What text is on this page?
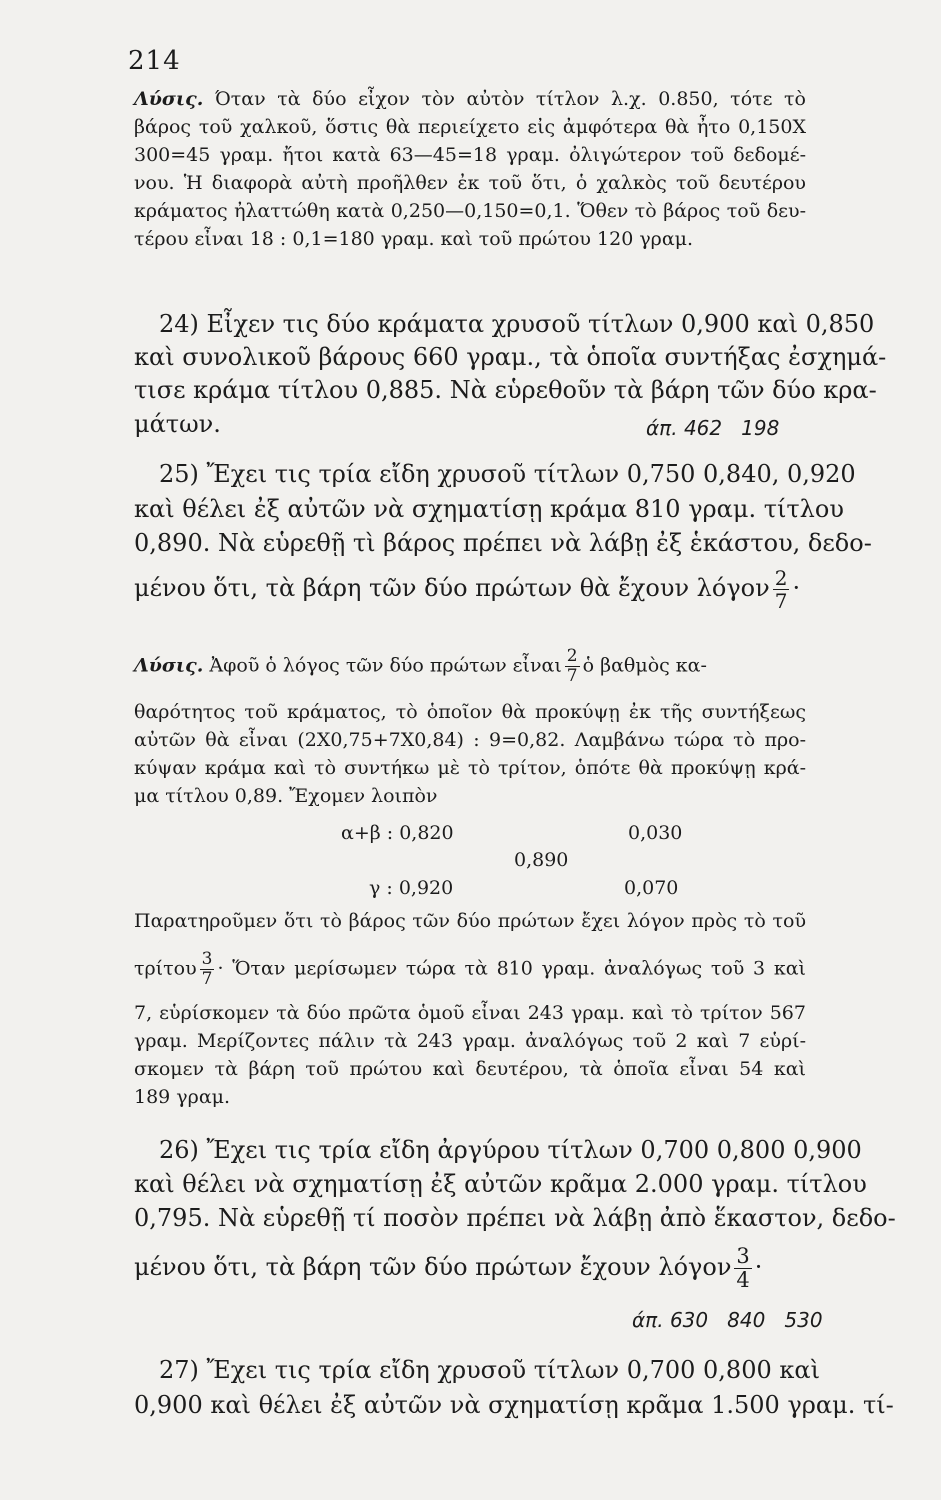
214
Λύσις. Όταν τὰ δύο εἶχον τὸν αὐτὸν τίτλον λ.χ. 0.850, τότε τὸ
βάρος τοῦ χαλκοῦ, ὅστις θὰ περιείχετο εἰς ἀμφότερα θὰ ἦτο 0,150X
300=45 γραμ. ἤτοι κατὰ 63—45=18 γραμ. ὀλιγώτερον τοῦ δεδομέ-
νου. Ἡ διαφορὰ αὐτὴ προῆλθεν ἐκ τοῦ ὅτι, ὁ χαλκὸς τοῦ δευτέρου
κράματος ἠλαττώθη κατὰ 0,250—0,150=0,1. Ὅθεν τὸ βάρος τοῦ δευ-
τέρου εἶναι 18 : 0,1=180 γραμ. καὶ τοῦ πρώτου 120 γραμ.
24) Εἶχεν τις δύο κράματα χρυσοῦ τίτλων 0,900 καὶ 0,850
καὶ συνολικοῦ βάρους 660 γραμ., τὰ ὁποῖα συντήξας ἐσχημά-
τισε κράμα τίτλου 0,885. Νὰ εὑρεθοῦν τὰ βάρη τῶν δύο κρα-
μάτων.	άπ. 462   198
25) Ἔχει τις τρία εἴδη χρυσοῦ τίτλων 0,750 0,840, 0,920
καὶ θέλει ἐξ αὐτῶν νὰ σχηματίσῃ κράμα 810 γραμ. τίτλου
0,890. Νὰ εὑρεθῇ τὶ βάρος πρέπει νὰ λάβῃ ἐξ ἑκάστου, δεδο-
μένου ὅτι, τὰ βάρη τῶν δύο πρώτων θὰ ἔχουν λόγον $\frac{2}{7}$ ·
Λύσις. Ἀφοῦ ὁ λόγος τῶν δύο πρώτων εἶναι $\frac{2}{7}$ ὁ βαθμὸς κα-
θαρότητος τοῦ κράματος, τὸ ὁποῖον θὰ προκύψῃ ἐκ τῆς συντήξεως
αὐτῶν θὰ εἶναι (2X0,75+7X0,84) : 9=0,82. Λαμβάνω τώρα τὸ προ-
κύψαν κράμα καὶ τὸ συντήκω μὲ τὸ τρίτον, ὁπότε θὰ προκύψῃ κρά-
μα τίτλου 0,89. Ἔχομεν λοιπὸν
α+β : 0,820	0,030
0,890
γ : 0,920	0,070
Παρατηροῦμεν ὅτι τὸ βάρος τῶν δύο πρώτων ἔχει λόγον πρὸς τὸ τοῦ
τρίτου $\frac{3}{7}$ · Ὅταν μερίσωμεν τώρα τὰ 810 γραμ. ἀναλόγως τοῦ 3 καὶ
7, εὑρίσκομεν τὰ δύο πρῶτα ὁμοῦ εἶναι 243 γραμ. καὶ τὸ τρίτον 567
γραμ. Μερίζοντες πάλιν τὰ 243 γραμ. ἀναλόγως τοῦ 2 καὶ 7 εὑρί-
σκομεν τὰ βάρη τοῦ πρώτου καὶ δευτέρου, τὰ ὁποῖα εἶναι 54 καὶ
189 γραμ.
26) Ἔχει τις τρία εἴδη ἀργύρου τίτλων 0,700 0,800 0,900
καὶ θέλει νὰ σχηματίσῃ ἐξ αὐτῶν κρᾶμα 2.000 γραμ. τίτλου
0,795. Νὰ εὑρεθῇ τί ποσὸν πρέπει νὰ λάβῃ ἀπὸ ἕκαστον, δεδο-
μένου ὅτι, τὰ βάρη τῶν δύο πρώτων ἔχουν λόγον $\frac{3}{4}$ ·
άπ. 630   840   530
27) Ἔχει τις τρία εἴδη χρυσοῦ τίτλων 0,700 0,800 καὶ
0,900 καὶ θέλει ἐξ αὐτῶν νὰ σχηματίσῃ κρᾶμα 1.500 γραμ. τί-
